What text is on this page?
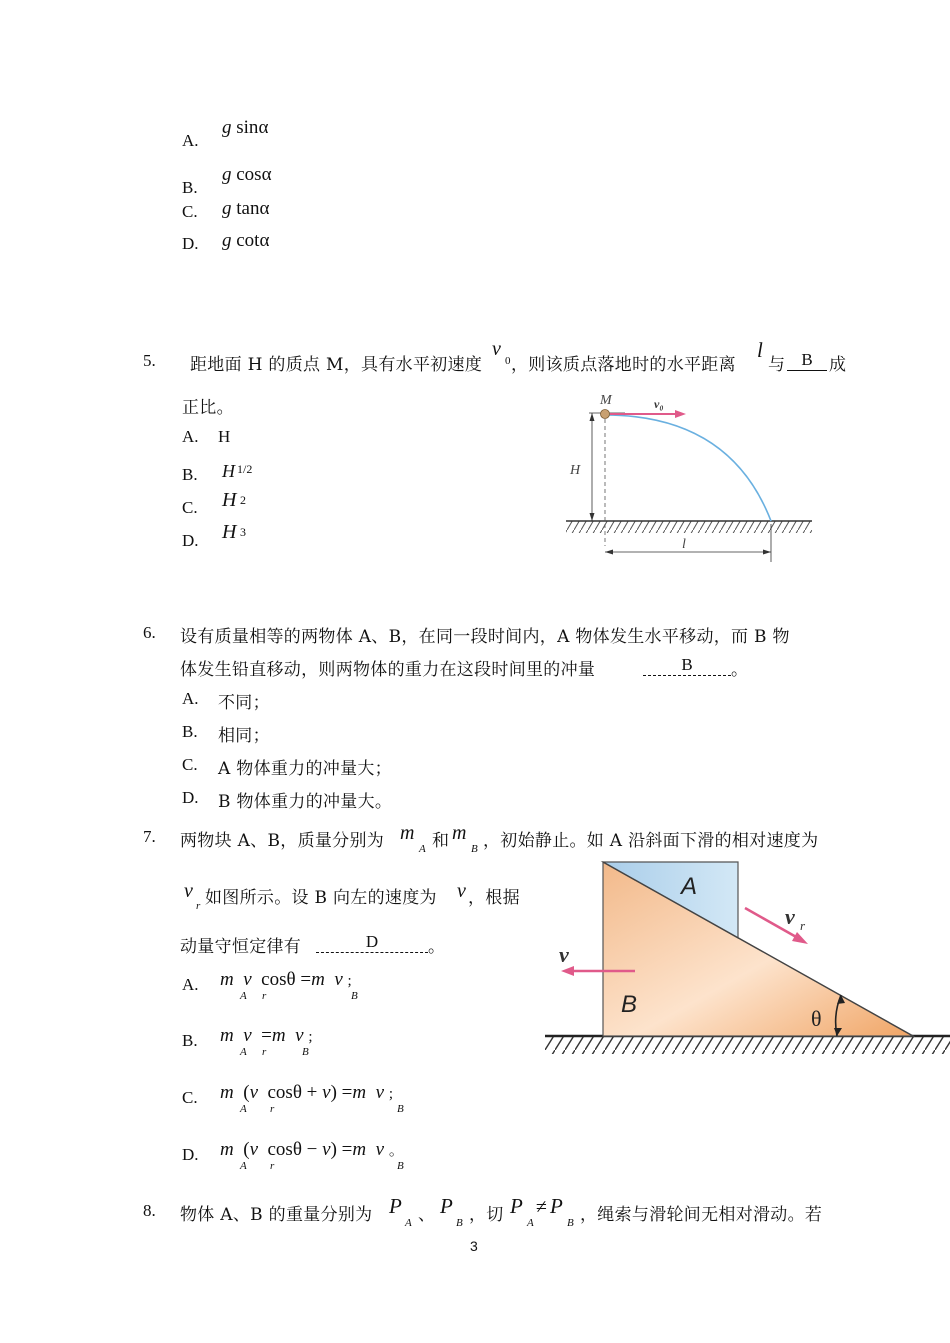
A.
g sinα
B.
g cosα
C. g tanα
D. g cotα
5. 距地面 H 的质点 M，具有水平初速度
v
0 ，则该质点落地时的水平距离
l
与 B 成
正比。
A. H
B. H 1/2
C. H 2
D. H 3
M	v₀
H
l
6. 设有质量相等的两物体 A、B，在同一段时间内，A 物体发生水平移动，而 B 物
体发生铅直移动，则两物体的重力在这段时间里的冲量	B	。
A. 不同；
B. 相同；
C. A 物体重力的冲量大；
D. B 物体重力的冲量大。
7. 两物块 A、B，质量分别为 m
A 和 m
B ，初始静止。如 A 沿斜面下滑的相对速度为
v
r 如图所示。设 B 向左的速度为 v ，根据
动量守恒定律有	D	。
A. m v  cosθ =m v ;
A r	B
B. m v  =m v ;
A r	B
C. m  (v  cosθ + v) =m v ;
A r	B
D. m  (v  cosθ − v) =m v 。
A r	B
A
B
v r
v
θ
8. 物体 A、B 的重量分别为 P
A 、 P
B ，切 P
A
≠ P
B ，绳索与滑轮间无相对滑动。若
3
